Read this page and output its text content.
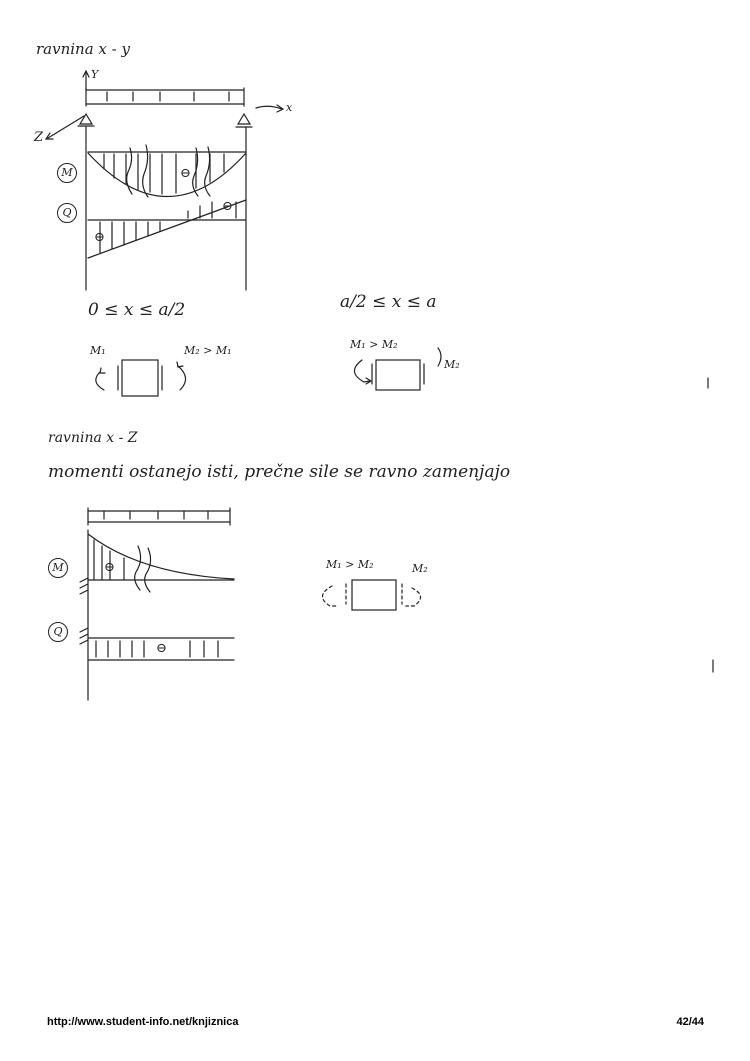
ravnina x - y
Y
x
Z
M	⊖
Q	⊖
⊖
0 ≤ x ≤ a/2	a/2 ≤ x ≤ a
M₁	M₂ > M₁	M₁ > M₂
M₂
ravnina x - Z
momenti ostanejo isti, prečne sile se ravno zamenjajo
M	⊖
Q
⊖
M₁ > M₂	M₂
http://www.student-info.net/knjiznica	42/44
